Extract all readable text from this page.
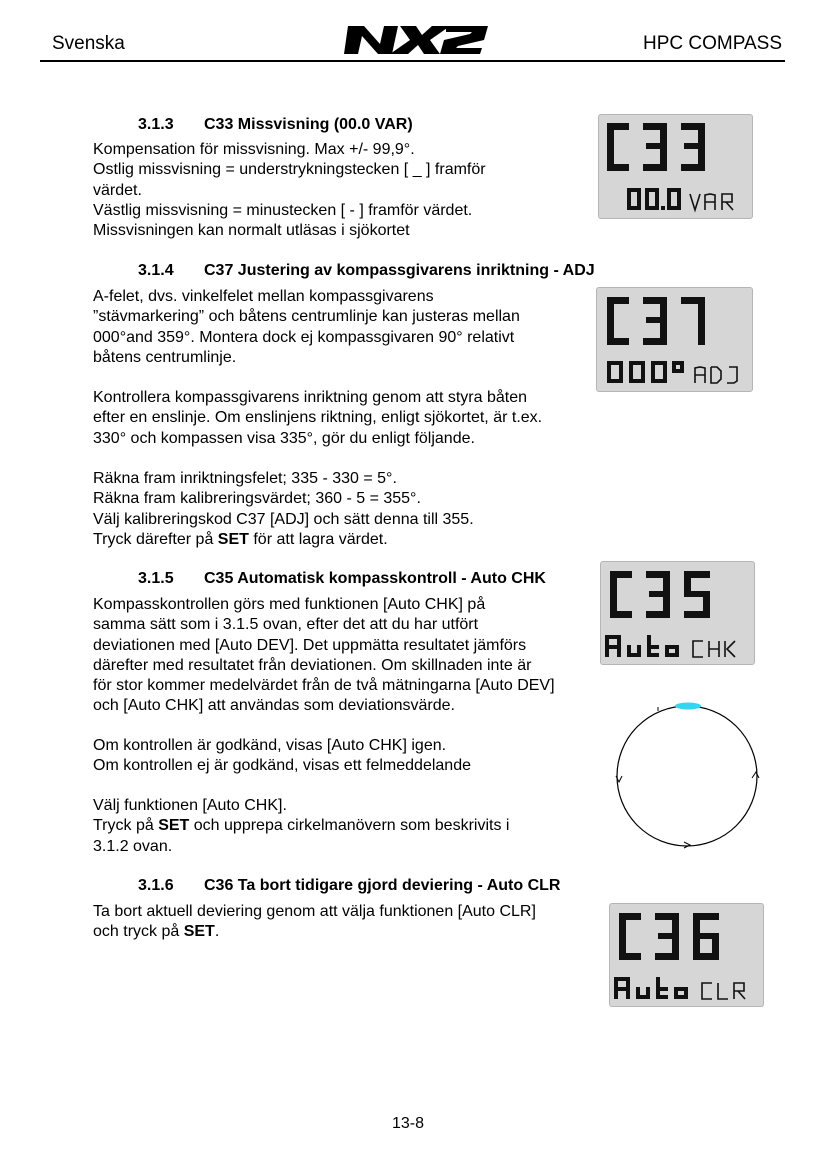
Svenska	HPC COMPASS
3.1.3 C33 Missvisning (00.0 VAR)
Kompensation för missvisning. Max +/- 99,9°.
Ostlig missvisning = understrykningstecken [ _ ] framför
värdet.
Västlig missvisning = minustecken [ - ] framför värdet.
Missvisningen kan normalt utläsas i sjökortet
3.1.4 C37 Justering av kompassgivarens inriktning - ADJ
A-felet, dvs. vinkelfelet mellan kompassgivarens
”stävmarkering” och båtens centrumlinje kan justeras mellan
000°and 359°. Montera dock ej kompassgivaren 90° relativt
båtens centrumlinje.
Kontrollera kompassgivarens inriktning genom att styra båten
efter en enslinje. Om enslinjens riktning, enligt sjökortet, är t.ex.
330° och kompassen visa 335°, gör du enligt följande.
Räkna fram inriktningsfelet; 335 - 330 = 5°.
Räkna fram kalibreringsvärdet; 360 - 5 = 355°.
Välj kalibreringskod C37 [ADJ] och sätt denna till 355.
Tryck därefter på SET för att lagra värdet.
3.1.5 C35 Automatisk kompasskontroll - Auto CHK
Kompasskontrollen görs med funktionen [Auto CHK] på
samma sätt som i 3.1.5 ovan, efter det att du har utfört
deviationen med [Auto DEV]. Det uppmätta resultatet jämförs
därefter med resultatet från deviationen. Om skillnaden inte är
för stor kommer medelvärdet från de två mätningarna [Auto DEV]
och [Auto CHK] att användas som deviationsvärde.
Om kontrollen är godkänd, visas [Auto CHK] igen.
Om kontrollen ej är godkänd, visas ett felmeddelande
Välj funktionen [Auto CHK].
Tryck på SET och upprepa cirkelmanövern som beskrivits i
3.1.2 ovan.
3.1.6 C36 Ta bort tidigare gjord deviering - Auto CLR
Ta bort aktuell deviering genom att välja funktionen [Auto CLR]
och tryck på SET.
13-8
